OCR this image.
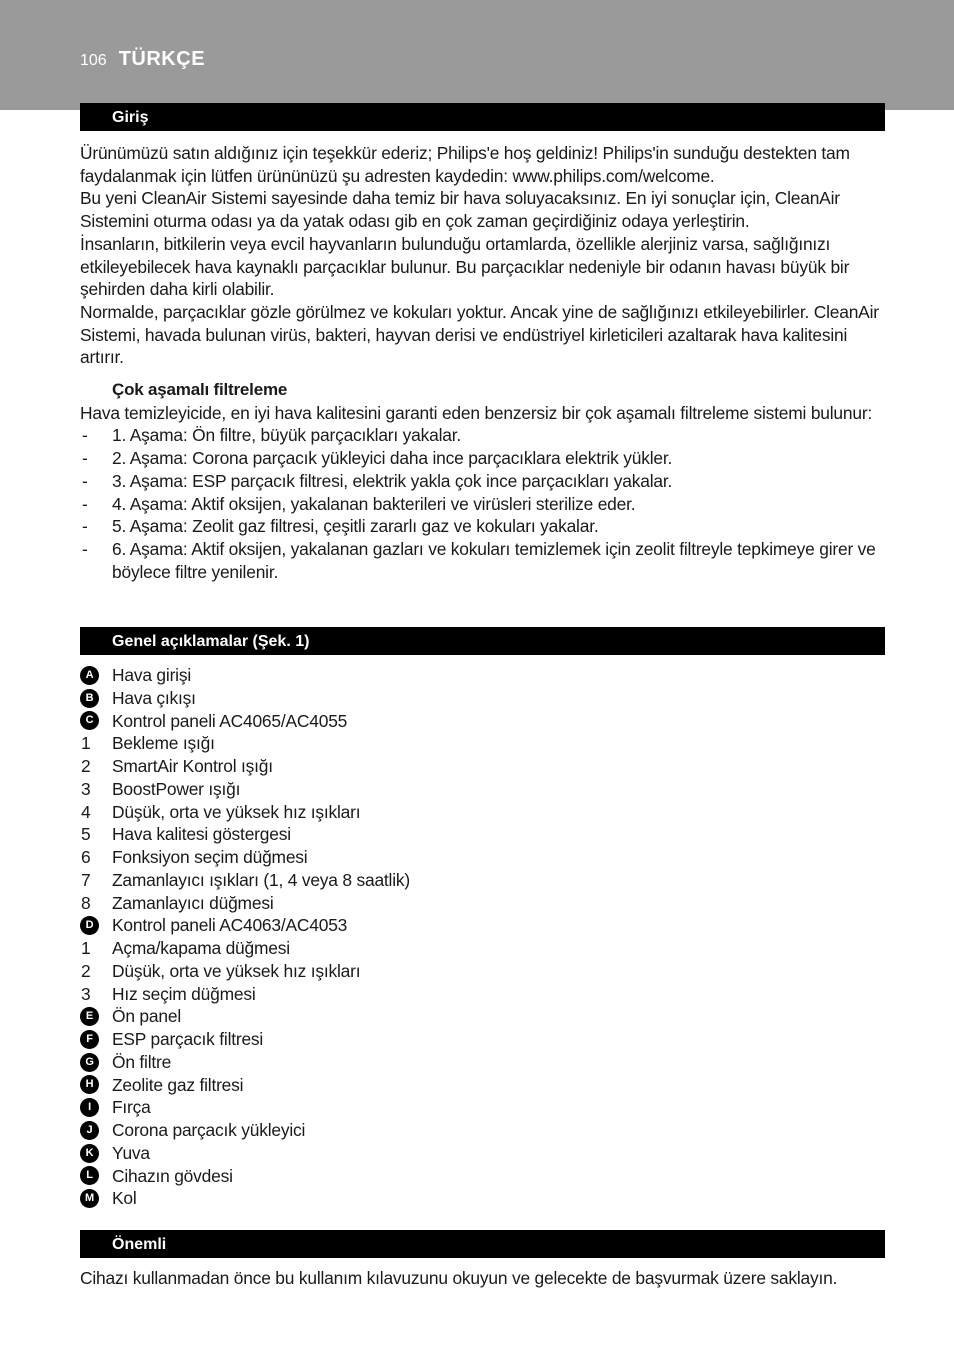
106 TÜRKÇE
Giriş

Ürünümüzü satın aldığınız için teşekkür ederiz; Philips'e hoş geldiniz! Philips'in sunduğu destekten tam faydalanmak için lütfen ürününüzü şu adresten kaydedin: www.philips.com/welcome.

Bu yeni CleanAir Sistemi sayesinde daha temiz bir hava soluyacaksınız. En iyi sonuçlar için, CleanAir Sistemini oturma odası ya da yatak odası gib en çok zaman geçirdiğiniz odaya yerleştirin.

İnsanların, bitkilerin veya evcil hayvanların bulunduğu ortamlarda, özellikle alerjiniz varsa, sağlığınızı etkileyebilecek hava kaynaklı parçacıklar bulunur. Bu parçacıklar nedeniyle bir odanın havası büyük bir şehirden daha kirli olabilir.

Normalde, parçacıklar gözle görülmez ve kokuları yoktur. Ancak yine de sağlığınızı etkileyebilirler. CleanAir Sistemi, havada bulunan virüs, bakteri, hayvan derisi ve endüstriyel kirleticileri azaltarak hava kalitesini artırır.

Çok aşamalı filtreleme

Hava temizleyicide, en iyi hava kalitesini garanti eden benzersiz bir çok aşamalı filtreleme sistemi bulunur:

- 1. Aşama: Ön filtre, büyük parçacıkları yakalar.
- 2. Aşama: Corona parçacık yükleyici daha ince parçacıklara elektrik yükler.
- 3. Aşama: ESP parçacık filtresi, elektrik yakla çok ince parçacıkları yakalar.
- 4. Aşama: Aktif oksijen, yakalanan bakterileri ve virüsleri sterilize eder.
- 5. Aşama: Zeolit gaz filtresi, çeşitli zararlı gaz ve kokuları yakalar.
- 6. Aşama: Aktif oksijen, yakalanan gazları ve kokuları temizlemek için zeolit filtreyle tepkimeye girer ve böylece filtre yenilenir.
Genel açıklamalar (Şek. 1)
A	Hava girişi
B	Hava çıkışı
C	Kontrol paneli AC4065/AC4055
1	Bekleme ışığı
2	SmartAir Kontrol ışığı
3	BoostPower ışığı
4	Düşük, orta ve yüksek hız ışıkları
5	Hava kalitesi göstergesi
6	Fonksiyon seçim düğmesi
7	Zamanlayıcı ışıkları (1, 4 veya 8 saatlik)
8	Zamanlayıcı düğmesi
D	Kontrol paneli AC4063/AC4053
1	Açma/kapama düğmesi
2	Düşük, orta ve yüksek hız ışıkları
3	Hız seçim düğmesi
E	Ön panel
F	ESP parçacık filtresi
G	Ön filtre
H	Zeolite gaz filtresi
I	Fırça
J	Corona parçacık yükleyici
K	Yuva
L	Cihazın gövdesi
M Kol
Önemli

Cihazı kullanmadan önce bu kullanım kılavuzunu okuyun ve gelecekte de başvurmak üzere saklayın.
